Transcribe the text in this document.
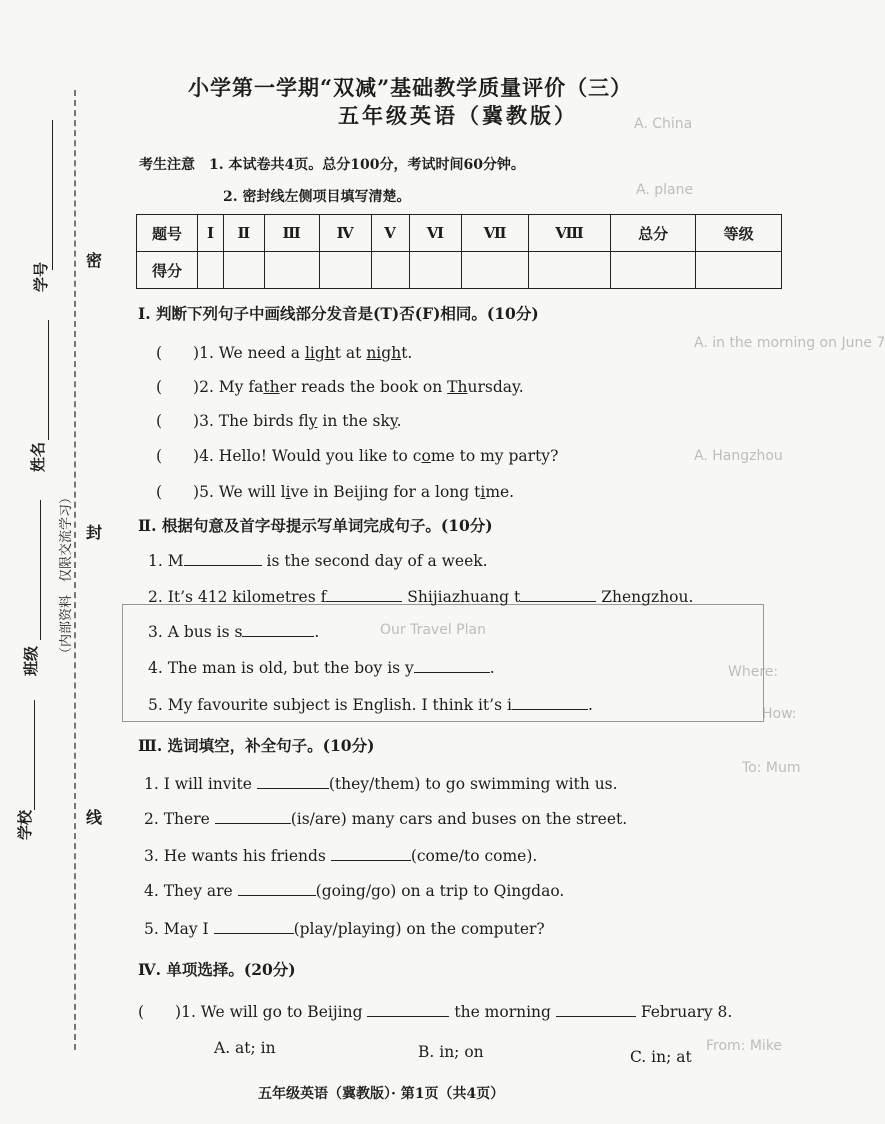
学号
姓名
班级
（内部资料　仅限交流学习）
学校
密
封
线
A. China
A. plane
A. in the morning on June 7
A. Hangzhou
Our Travel Plan
Where:
How:
To: Mum
From: Mike
小学第一学期“双减”基础教学质量评价（三）
五年级英语（冀教版）
考生注意 1. 本试卷共4页。总分100分，考试时间60分钟。
2. 密封线左侧项目填写清楚。
题号	Ⅰ	Ⅱ	Ⅲ	Ⅳ	Ⅴ	Ⅵ	Ⅶ	Ⅷ	总分	等级
得分										
Ⅰ. 判断下列句子中画线部分发音是(T)否(F)相同。(10分)
(　　)1. We need a light at night.
(　　)2. My father reads the book on Thursday.
(　　)3. The birds fly in the sky.
(　　)4. Hello! Would you like to come to my party?
(　　)5. We will live in Beijing for a long time.
Ⅱ. 根据句意及首字母提示写单词完成句子。(10分)
1. M	is the second day of a week.
2. It’s 412 kilometres f	Shijiazhuang t	Zhengzhou.
3. A bus is s	.
4. The man is old, but the boy is y	.
5. My favourite subject is English. I think it’s i	.
Ⅲ. 选词填空，补全句子。(10分)
1. I will invite	(they/them) to go swimming with us.
2. There	(is/are) many cars and buses on the street.
3. He wants his friends	(come/to come).
4. They are	(going/go) on a trip to Qingdao.
5. May I	(play/playing) on the computer?
Ⅳ. 单项选择。(20分)
(　　)1. We will go to Beijing	the morning	February 8.
A. at; in	B. in; on	C. in; at
五年级英语（冀教版）· 第1页（共4页）
